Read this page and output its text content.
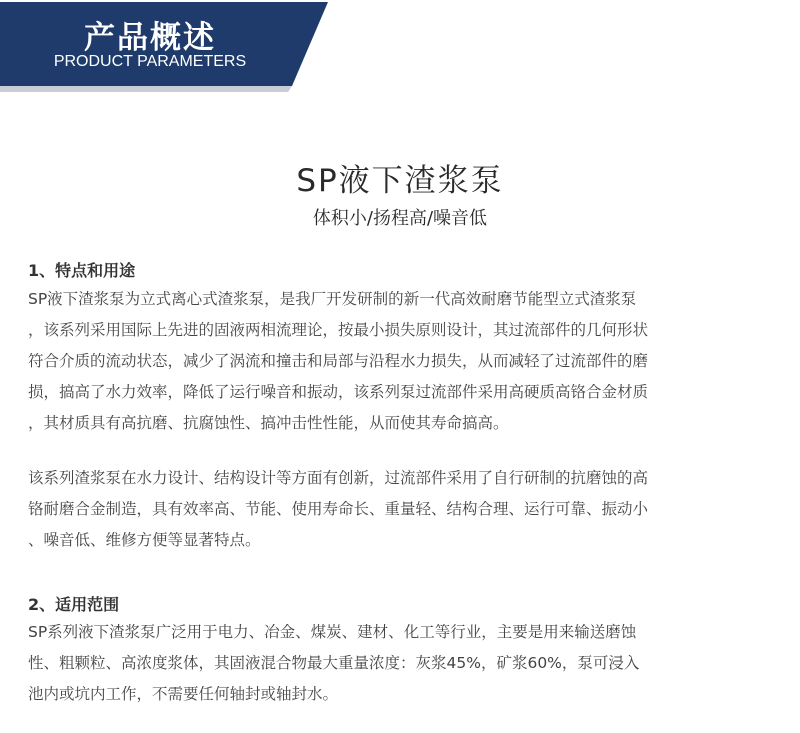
产品概述
PRODUCT PARAMETERS
SP液下渣浆泵
体积小/扬程高/噪音低
1、特点和用途
SP液下渣浆泵为立式离心式渣浆泵，是我厂开发研制的新一代高效耐磨节能型立式渣浆泵
，该系列采用国际上先进的固液两相流理论，按最小损失原则设计，其过流部件的几何形状
符合介质的流动状态，减少了涡流和撞击和局部与沿程水力损失，从而减轻了过流部件的磨
损，搞高了水力效率，降低了运行噪音和振动，该系列泵过流部件采用高硬质高铬合金材质
，其材质具有高抗磨、抗腐蚀性、搞冲击性性能，从而使其寿命搞高。
该系列渣浆泵在水力设计、结构设计等方面有创新，过流部件采用了自行研制的抗磨蚀的高
铬耐磨合金制造，具有效率高、节能、使用寿命长、重量轻、结构合理、运行可靠、振动小
、噪音低、维修方便等显著特点。
2、适用范围
SP系列液下渣浆泵广泛用于电力、冶金、煤炭、建材、化工等行业，主要是用来输送磨蚀
性、粗颗粒、高浓度浆体，其固液混合物最大重量浓度：灰浆45%，矿浆60%，泵可浸入
池内或坑内工作，不需要任何轴封或轴封水。
